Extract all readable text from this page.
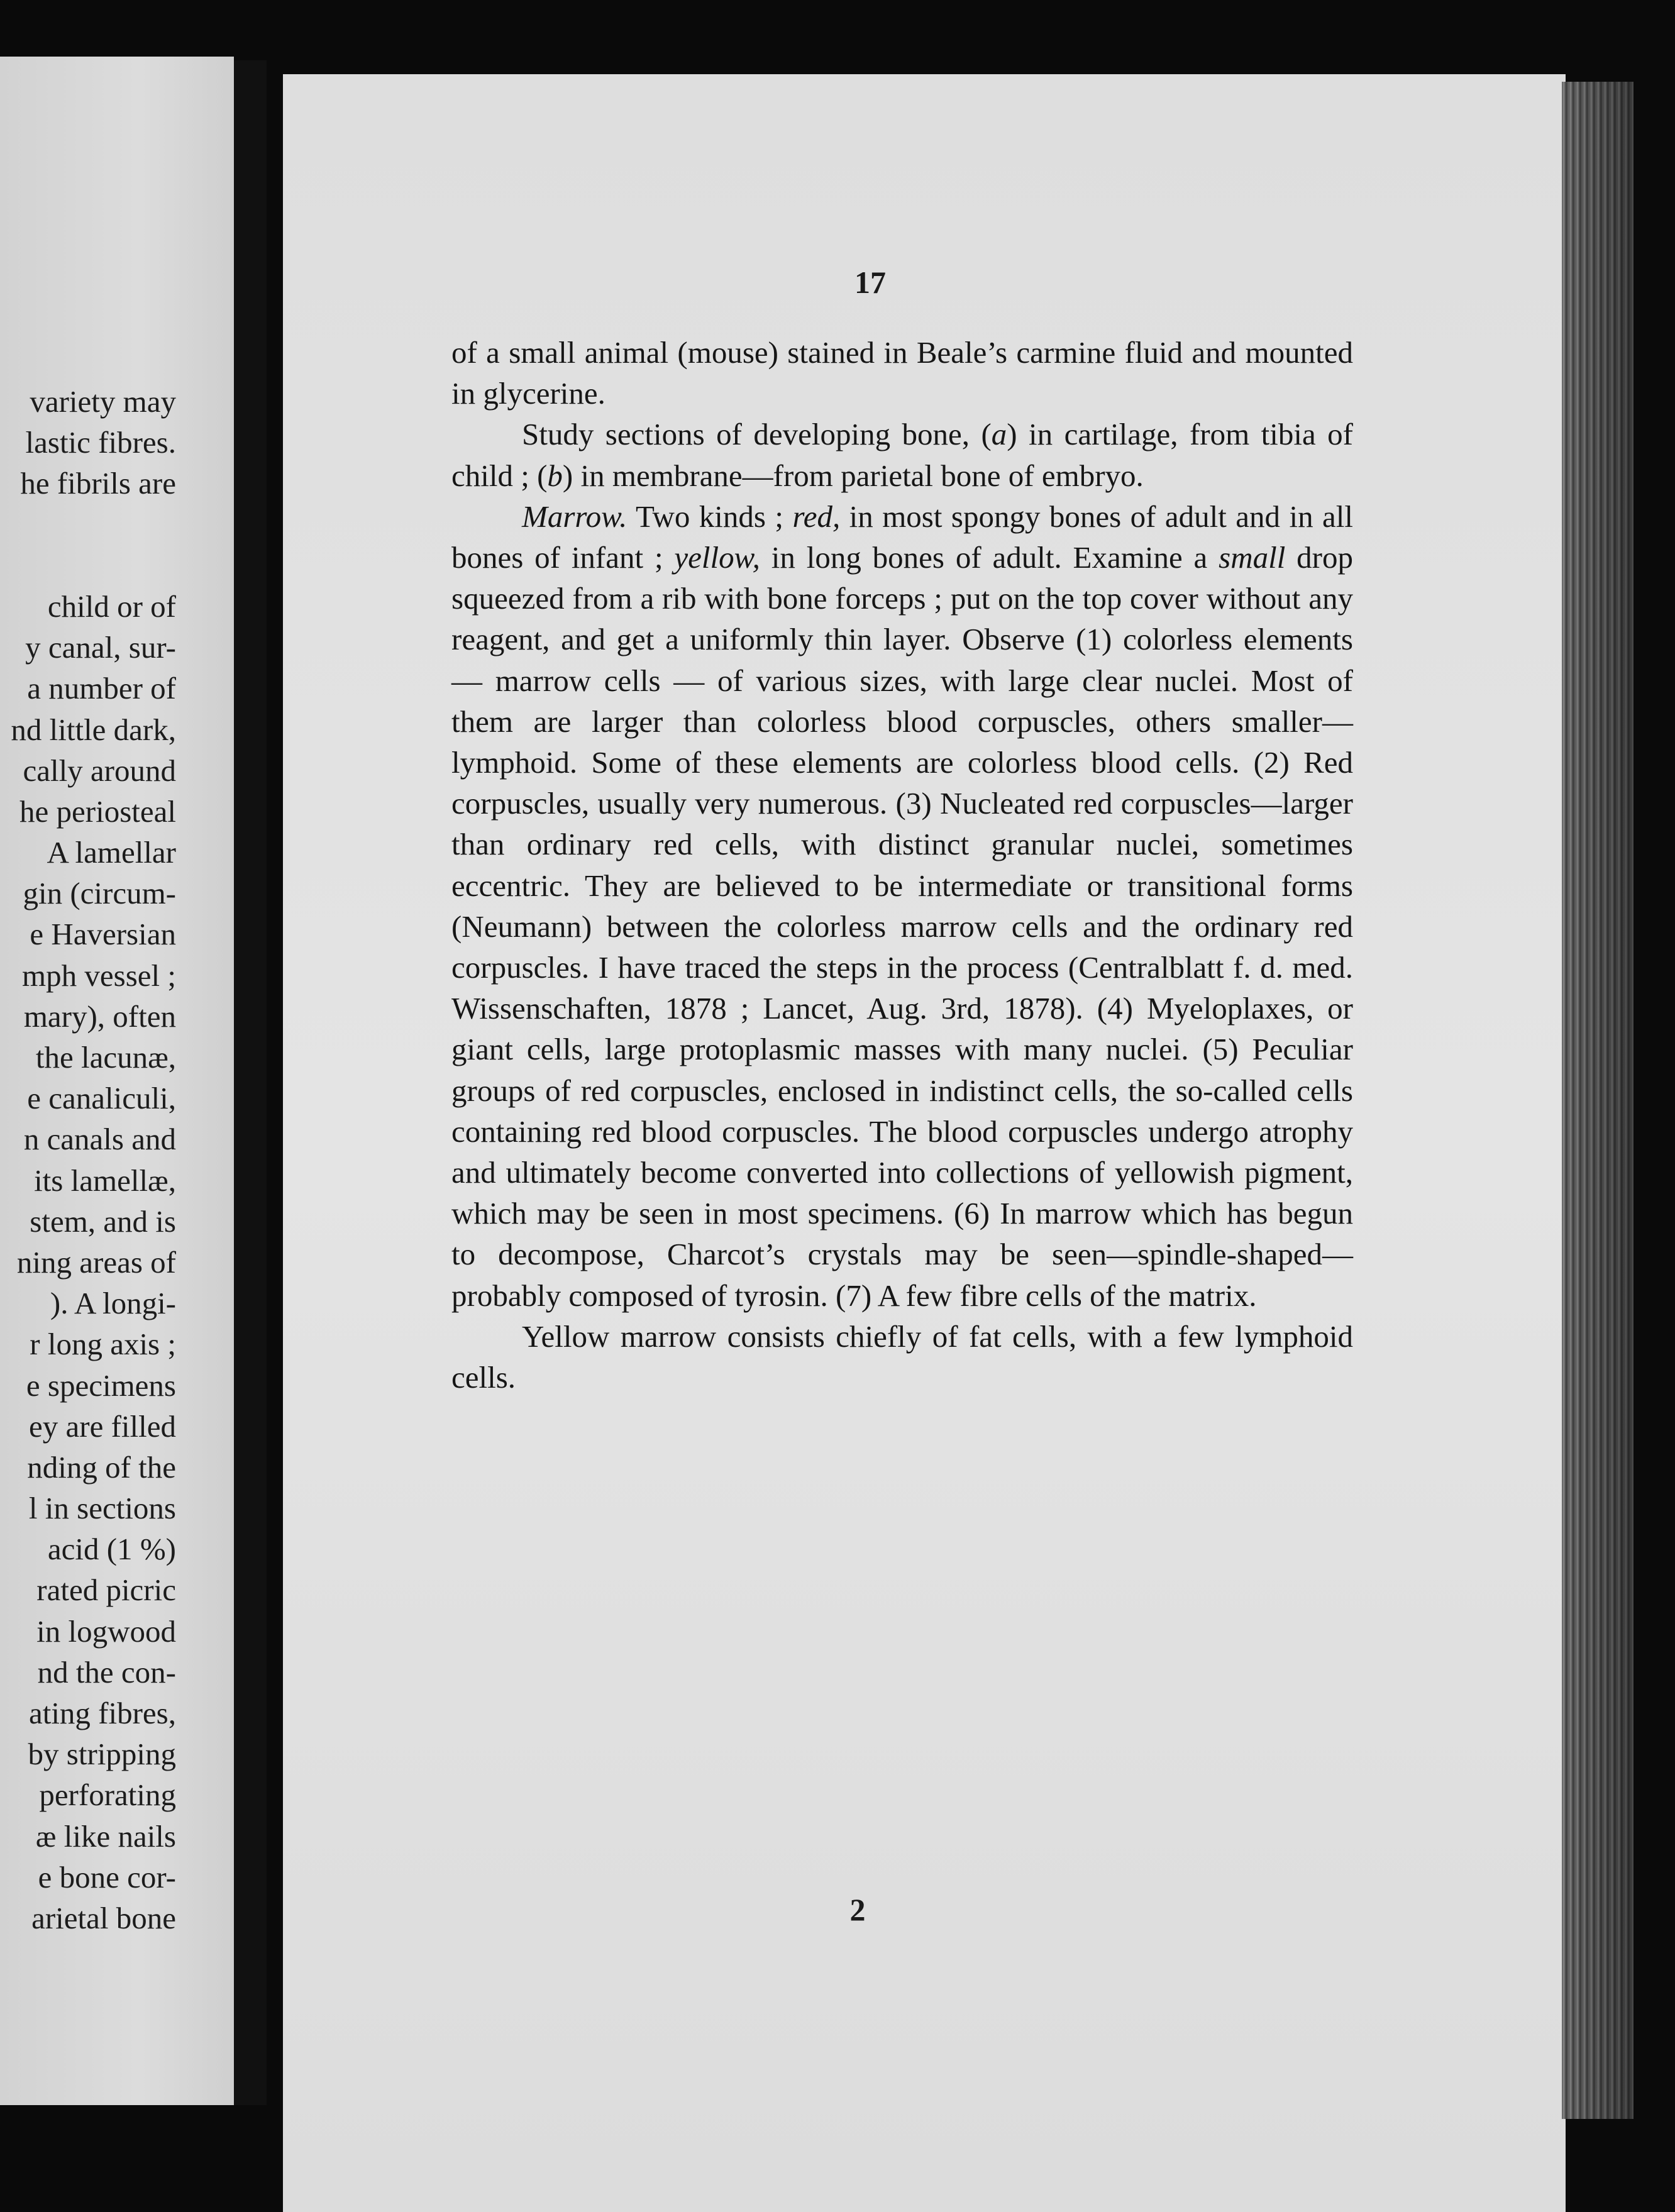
variety may
lastic fibres.
he fibrils are
child or of
y canal, sur-
a number of
nd little dark,
cally around
he periosteal
A lamellar
gin (circum-
e Haversian
mph vessel ;
mary), often
the lacunæ,
e canaliculi,
n canals and
its lamellæ,
stem, and is
ning areas of
). A longi-
r long axis ;
e specimens
ey are filled
nding of the
l in sections
acid (1 %)
rated picric
in logwood
nd the con-
ating fibres,
by stripping
perforating
æ like nails
e bone cor-
arietal bone
17

of a small animal (mouse) stained in Beale’s carmine fluid and mounted in glycerine.

Study sections of developing bone, (a) in cartilage, from tibia of child ; (b) in membrane—from parietal bone of embryo.

Marrow. Two kinds ; red, in most spongy bones of adult and in all bones of infant ; yellow, in long bones of adult. Examine a small drop squeezed from a rib with bone forceps ; put on the top cover without any reagent, and get a uniformly thin layer. Observe (1) colorless elements — marrow cells — of various sizes, with large clear nuclei. Most of them are larger than colorless blood corpuscles, others smaller—lymphoid. Some of these elements are colorless blood cells. (2) Red corpuscles, usually very numerous. (3) Nucleated red corpuscles—larger than ordinary red cells, with distinct granular nuclei, sometimes eccentric. They are believed to be intermediate or transitional forms (Neumann) between the colorless marrow cells and the ordinary red corpuscles. I have traced the steps in the process (Centralblatt f. d. med. Wissenschaften, 1878 ; Lancet, Aug. 3rd, 1878). (4) Myeloplaxes, or giant cells, large protoplasmic masses with many nuclei. (5) Peculiar groups of red corpuscles, enclosed in indistinct cells, the so-called cells containing red blood corpuscles. The blood corpuscles undergo atrophy and ultimately become converted into collections of yellowish pigment, which may be seen in most specimens. (6) In marrow which has begun to decompose, Charcot’s crystals may be seen—spindle-shaped—probably composed of tyrosin. (7) A few fibre cells of the matrix.

Yellow marrow consists chiefly of fat cells, with a few lymphoid cells.

2
